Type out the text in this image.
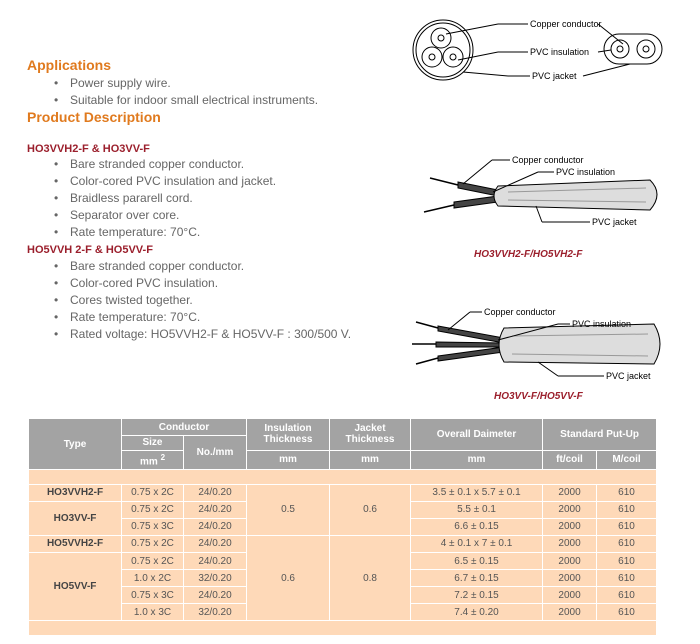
Copper conductor
PVC insulation
PVC jacket
Applications
• Power supply wire.
• Suitable for indoor small electrical instruments.
Product Description
HO3VVH2-F & HO3VV-F
• Bare stranded copper conductor.
• Color-cored PVC insulation and jacket.
• Braidless pararell cord.
• Separator over core.
• Rate temperature: 70°C.
HO5VVH 2-F & HO5VV-F
• Bare stranded copper conductor.
• Color-cored PVC insulation.
• Cores twisted together.
• Rate temperature: 70°C.
• Rated voltage: HO5VVH2-F & HO5VV-F : 300/500 V.
Copper conductor
PVC insulation
PVC jacket

HO3VVH2-F/HO5VH2-F

Copper conductor
PVC insulation
PVC jacket

HO3VV-F/HO5VV-F

Type	Conductor		Insulation Thickness	Jacket Thickness	Overall Daimeter	Standard Put-Up	
	Size	No./mm					
	mm $^2$		mm	mm	mm	ft/coil	M/coil

HO3VVH2-F	0.75 x 2C	24/0.20	0.5	0.6	3.5 ± 0.1 x 5.7 ± 0.1	2000	610
HO3VV-F	0.75 x 2C	24/0.20			5.5 ± 0.1	2000	610
	0.75 x 3C	24/0.20			6.6 ± 0.15	2000	610
HO5VVH2-F	0.75 x 2C	24/0.20	0.6	0.8	4 ± 0.1 x 7 ± 0.1	2000	610
HO5VV-F	0.75 x 2C	24/0.20			6.5 ± 0.15	2000	610
	1.0 x 2C	32/0.20			6.7 ± 0.15	2000	610
	0.75 x 3C	24/0.20			7.2 ± 0.15	2000	610
	1.0 x 3C	32/0.20			7.4 ± 0.20	2000	610
